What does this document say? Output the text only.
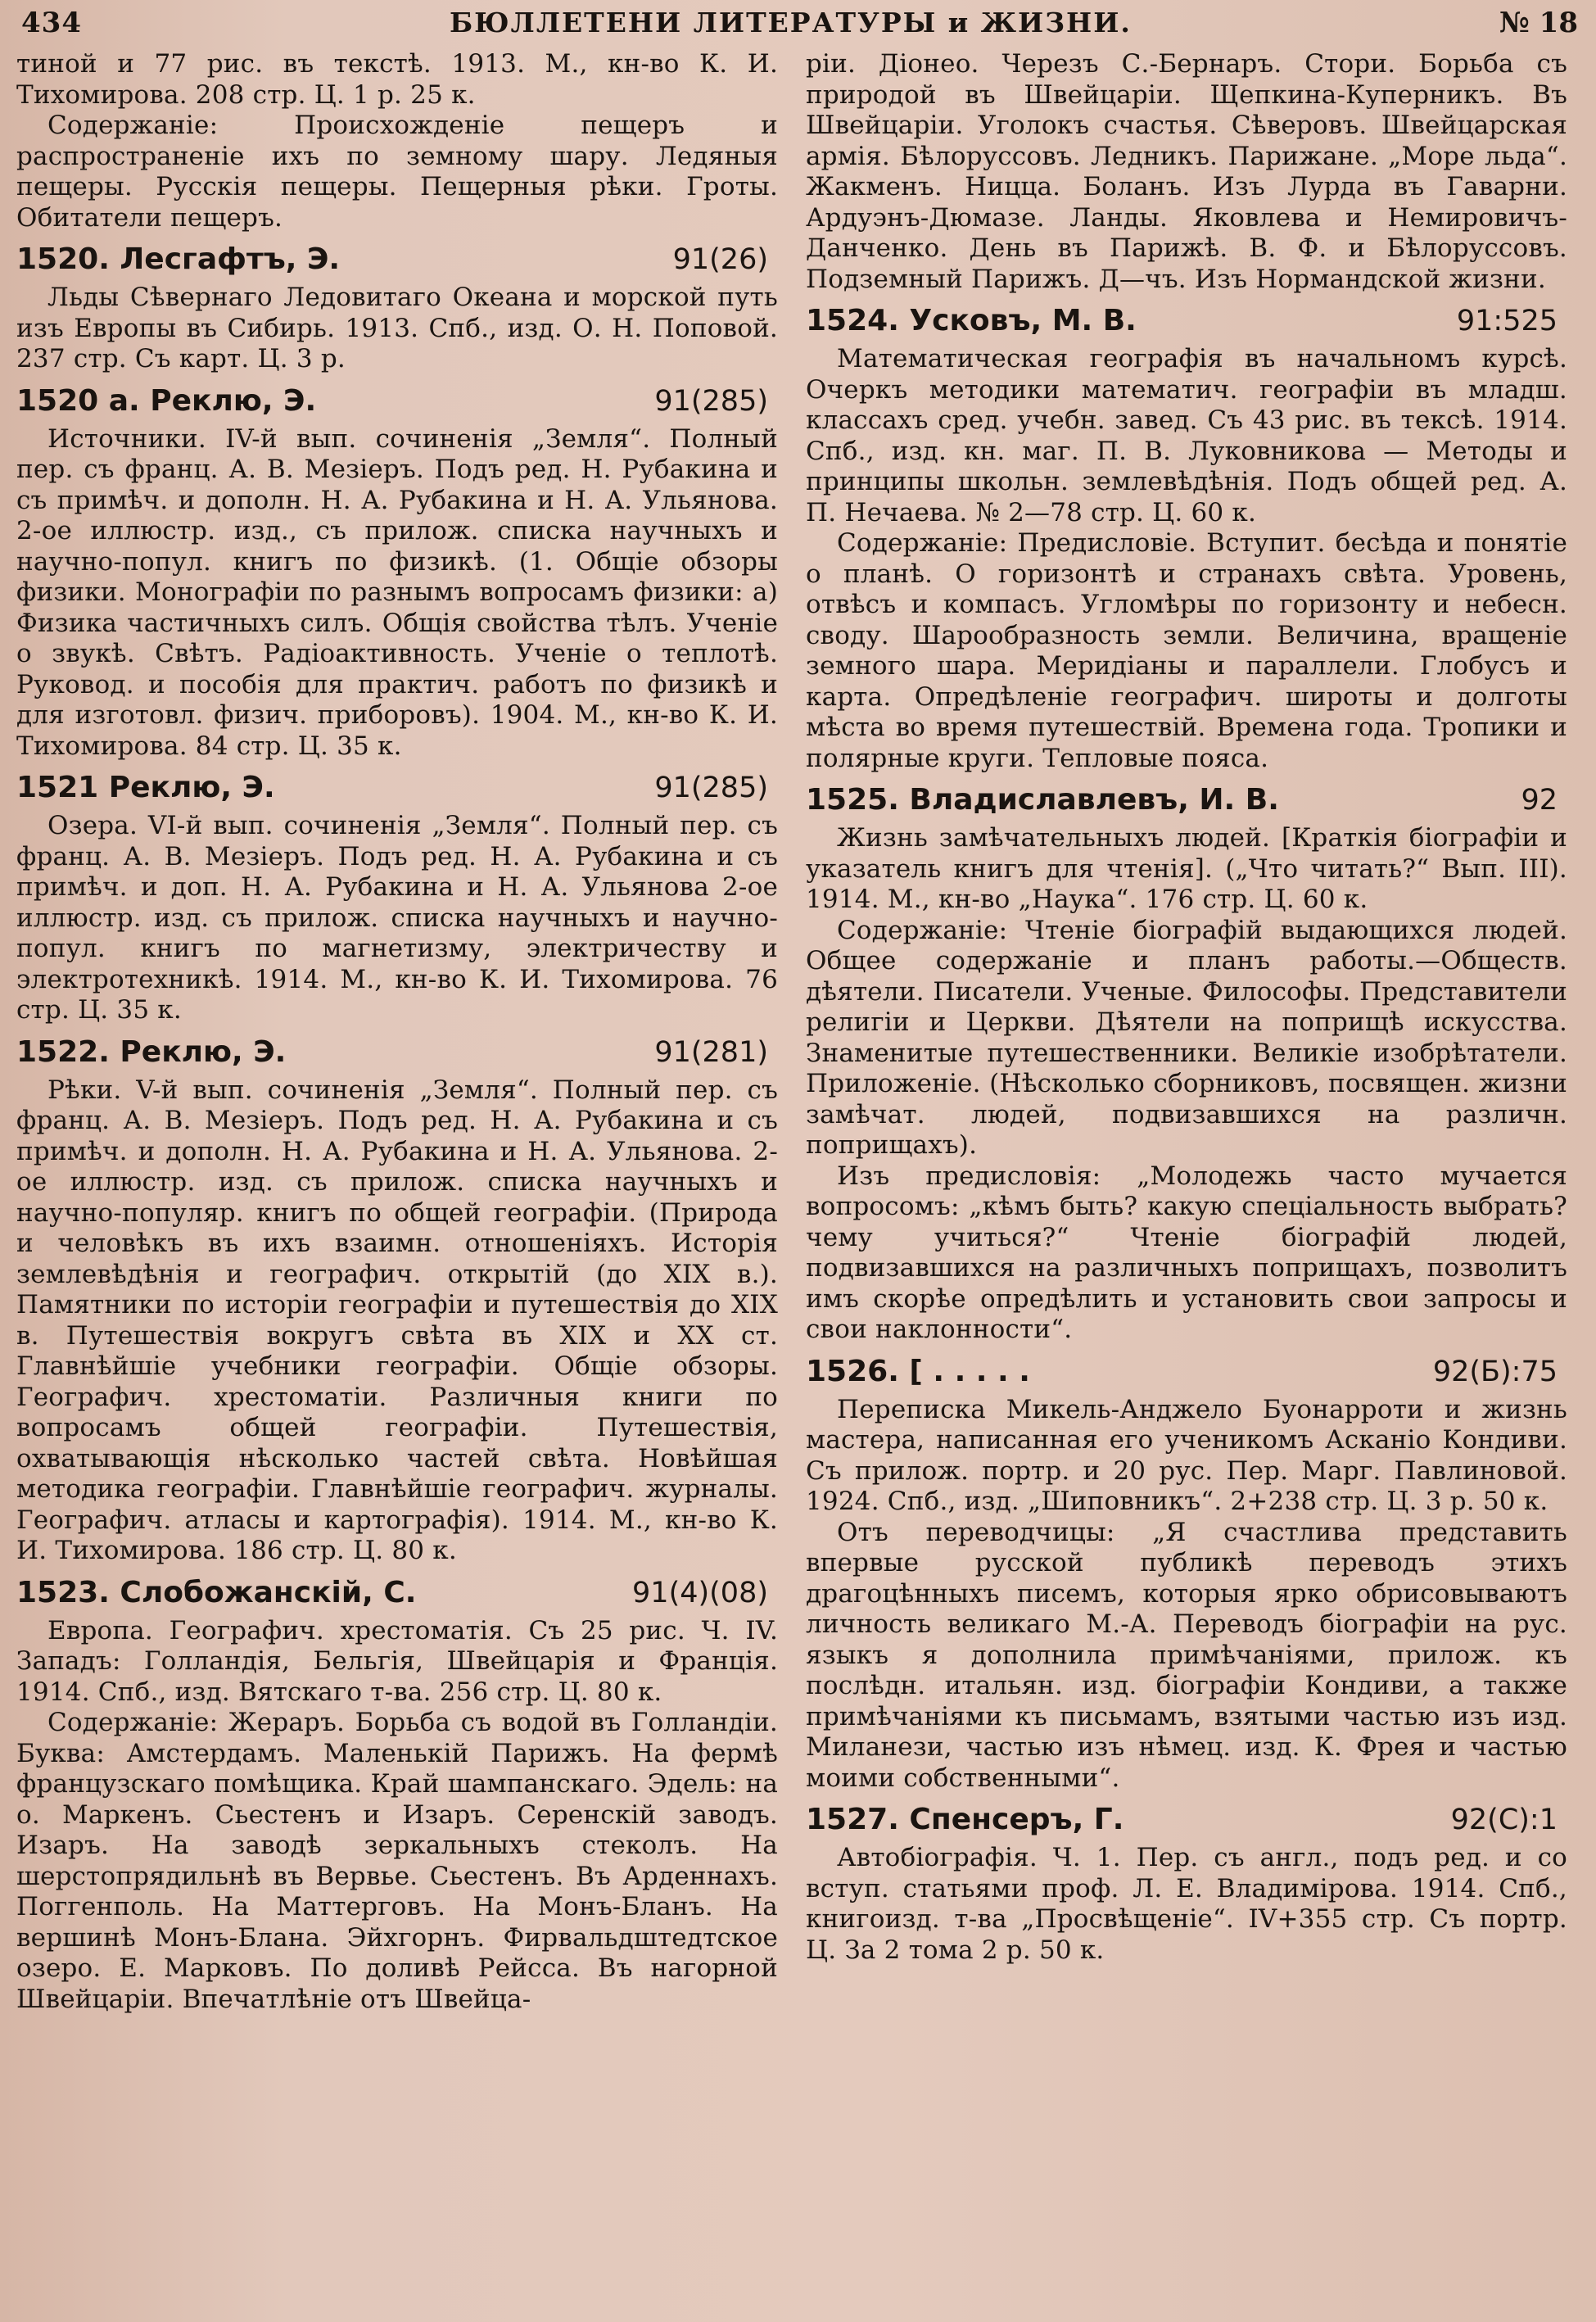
434	БЮЛЛЕТЕНИ ЛИТЕРАТУРЫ и ЖИЗНИ.	№ 18

тиной и 77 рис. въ текстѣ. 1913. М., кн-во К. И. Тихомирова. 208 стр. Ц. 1 р. 25 к.

Содержаніе: Происхожденіе пещеръ и распространеніе ихъ по земному шару. Ледяныя пещеры. Русскія пещеры. Пещерныя рѣки. Гроты. Обитатели пещеръ.

1520. Лесгафтъ, Э.	91(26)

Льды Сѣвернаго Ледовитаго Океана и морской путь изъ Европы въ Сибирь. 1913. Спб., изд. О. Н. Поповой. 237 стр. Съ карт. Ц. 3 р.

1520 а. Реклю, Э.	91(285)

Источники. IV-й вып. сочиненія „Земля“. Полный пер. съ франц. А. В. Мезіеръ. Подъ ред. Н. Рубакина и съ примѣч. и дополн. Н. А. Рубакина и Н. А. Ульянова. 2-ое иллюстр. изд., съ прилож. списка научныхъ и научно-попул. книгъ по физикѣ. (1. Общіе обзоры физики. Монографіи по разнымъ вопросамъ физики: а) Физика частичныхъ силъ. Общія свойства тѣлъ. Ученіе о звукѣ. Свѣтъ. Радіоактивность. Ученіе о теплотѣ. Руковод. и пособія для практич. работъ по физикѣ и для изготовл. физич. приборовъ). 1904. М., кн-во К. И. Тихомирова. 84 стр. Ц. 35 к.

1521 Реклю, Э.	91(285)

Озера. VI-й вып. сочиненія „Земля“. Полный пер. съ франц. А. В. Мезіеръ. Подъ ред. Н. А. Рубакина и съ примѣч. и доп. Н. А. Рубакина и Н. А. Ульянова 2-ое иллюстр. изд. съ прилож. списка научныхъ и научно-попул. книгъ по магнетизму, электричеству и электротехникѣ. 1914. М., кн-во К. И. Тихомирова. 76 стр. Ц. 35 к.

1522. Реклю, Э.	91(281)

Рѣки. V-й вып. сочиненія „Земля“. Полный пер. съ франц. А. В. Мезіеръ. Подъ ред. Н. А. Рубакина и съ примѣч. и дополн. Н. А. Рубакина и Н. А. Ульянова. 2-ое иллюстр. изд. съ прилож. списка научныхъ и научно-популяр. книгъ по общей географіи. (Природа и человѣкъ въ ихъ взаимн. отношеніяхъ. Исторія землевѣдѣнія и географич. открытій (до XIX в.). Памятники по исторіи географіи и путешествія до XIX в. Путешествія вокругъ свѣта въ XIX и XX ст. Главнѣйшіе учебники географіи. Общіе обзоры. Географич. хрестоматіи. Различныя книги по вопросамъ общей географіи. Путешествія, охватывающія нѣсколько частей свѣта. Новѣйшая методика географіи. Главнѣйшіе географич. журналы. Географич. атласы и картографія). 1914. М., кн-во К. И. Тихомирова. 186 стр. Ц. 80 к.

1523. Слобожанскій, С.	91(4)(08)

Европа. Географич. хрестоматія. Съ 25 рис. Ч. IV. Западъ: Голландія, Бельгія, Швейцарія и Франція. 1914. Спб., изд. Вятскаго т-ва. 256 стр. Ц. 80 к.

Содержаніе: Жераръ. Борьба съ водой въ Голландіи. Буква: Амстердамъ. Маленькій Парижъ. На фермѣ французскаго помѣщика. Край шампанскаго. Эдель: на о. Маркенъ. Сьестенъ и Изаръ. Серенскій заводъ. Изаръ. На заводѣ зеркальныхъ стеколъ. На шерстопрядильнѣ въ Вервье. Сьестенъ. Въ Арденнахъ. Поггенполь. На Маттерговъ. На Монъ-Бланъ. На вершинѣ Монъ-Блана. Эйхгорнъ. Фирвальдштедтское озеро. Е. Марковъ. По доливѣ Рейсса. Въ нагорной Швейцаріи. Впечатлѣніе отъ Швейца-

ріи. Діонео. Черезъ С.-Бернаръ. Стори. Борьба съ природой въ Швейцаріи. Щепкина-Куперникъ. Въ Швейцаріи. Уголокъ счастья. Сѣверовъ. Швейцарская армія. Бѣлоруссовъ. Ледникъ. Парижане. „Море льда“. Жакменъ. Ницца. Боланъ. Изъ Лурда въ Гаварни. Ардуэнъ-Дюмазе. Ланды. Яковлева и Немировичъ-Данченко. День въ Парижѣ. В. Ф. и Бѣлоруссовъ. Подземный Парижъ. Д—чъ. Изъ Нормандской жизни.

1524. Усковъ, М. В.	91:525

Математическая географія въ начальномъ курсѣ. Очеркъ методики математич. географіи въ младш. классахъ сред. учебн. завед. Съ 43 рис. въ тексѣ. 1914. Спб., изд. кн. маг. П. В. Луковникова — Методы и принципы школьн. землевѣдѣнія. Подъ общей ред. А. П. Нечаева. № 2—78 стр. Ц. 60 к.

Содержаніе: Предисловіе. Вступит. бесѣда и понятіе о планѣ. О горизонтѣ и странахъ свѣта. Уровень, отвѣсъ и компасъ. Угломѣры по горизонту и небесн. своду. Шарообразность земли. Величина, вращеніе земного шара. Меридіаны и параллели. Глобусъ и карта. Опредѣленіе географич. широты и долготы мѣста во время путешествій. Времена года. Тропики и полярные круги. Тепловые пояса.

1525. Владиславлевъ, И. В.	92

Жизнь замѣчательныхъ людей. [Краткія біографіи и указатель книгъ для чтенія]. („Что читать?“ Вып. III). 1914. М., кн-во „Наука“. 176 стр. Ц. 60 к.

Содержаніе: Чтеніе біографій выдающихся людей. Общее содержаніе и планъ работы.—Обществ. дѣятели. Писатели. Ученые. Философы. Представители религіи и Церкви. Дѣятели на поприщѣ искусства. Знаменитые путешественники. Великіе изобрѣтатели. Приложеніе. (Нѣсколько сборниковъ, посвящен. жизни замѣчат. людей, подвизавшихся на различн. поприщахъ).

Изъ предисловія: „Молодежь часто мучается вопросомъ: „кѣмъ быть? какую спеціальность выбрать? чему учиться?“ Чтеніе біографій людей, подвизавшихся на различныхъ поприщахъ, позволитъ имъ скорѣе опредѣлить и установить свои запросы и свои наклонности“.

1526. [ . . . . .	92(Б):75

Переписка Микель-Анджело Буонарроти и жизнь мастера, написанная его ученикомъ Асканіо Кондиви. Съ прилож. портр. и 20 рус. Пер. Марг. Павлиновой. 1924. Спб., изд. „Шиповникъ“. 2+238 стр. Ц. 3 р. 50 к.

Отъ переводчицы: „Я счастлива представить впервые русской публикѣ переводъ этихъ драгоцѣнныхъ писемъ, которыя ярко обрисовываютъ личность великаго М.-А. Переводъ біографіи на рус. языкъ я дополнила примѣчаніями, прилож. къ послѣдн. итальян. изд. біографіи Кондиви, а также примѣчаніями къ письмамъ, взятыми частью изъ изд. Миланези, частью изъ нѣмец. изд. К. Фрея и частью моими собственными“.

1527. Спенсеръ, Г.	92(С):1

Автобіографія. Ч. 1. Пер. съ англ., подъ ред. и со вступ. статьями проф. Л. Е. Владимірова. 1914. Спб., книгоизд. т-ва „Просвѣщеніе“. IV+355 стр. Съ портр. Ц. За 2 тома 2 р. 50 к.
